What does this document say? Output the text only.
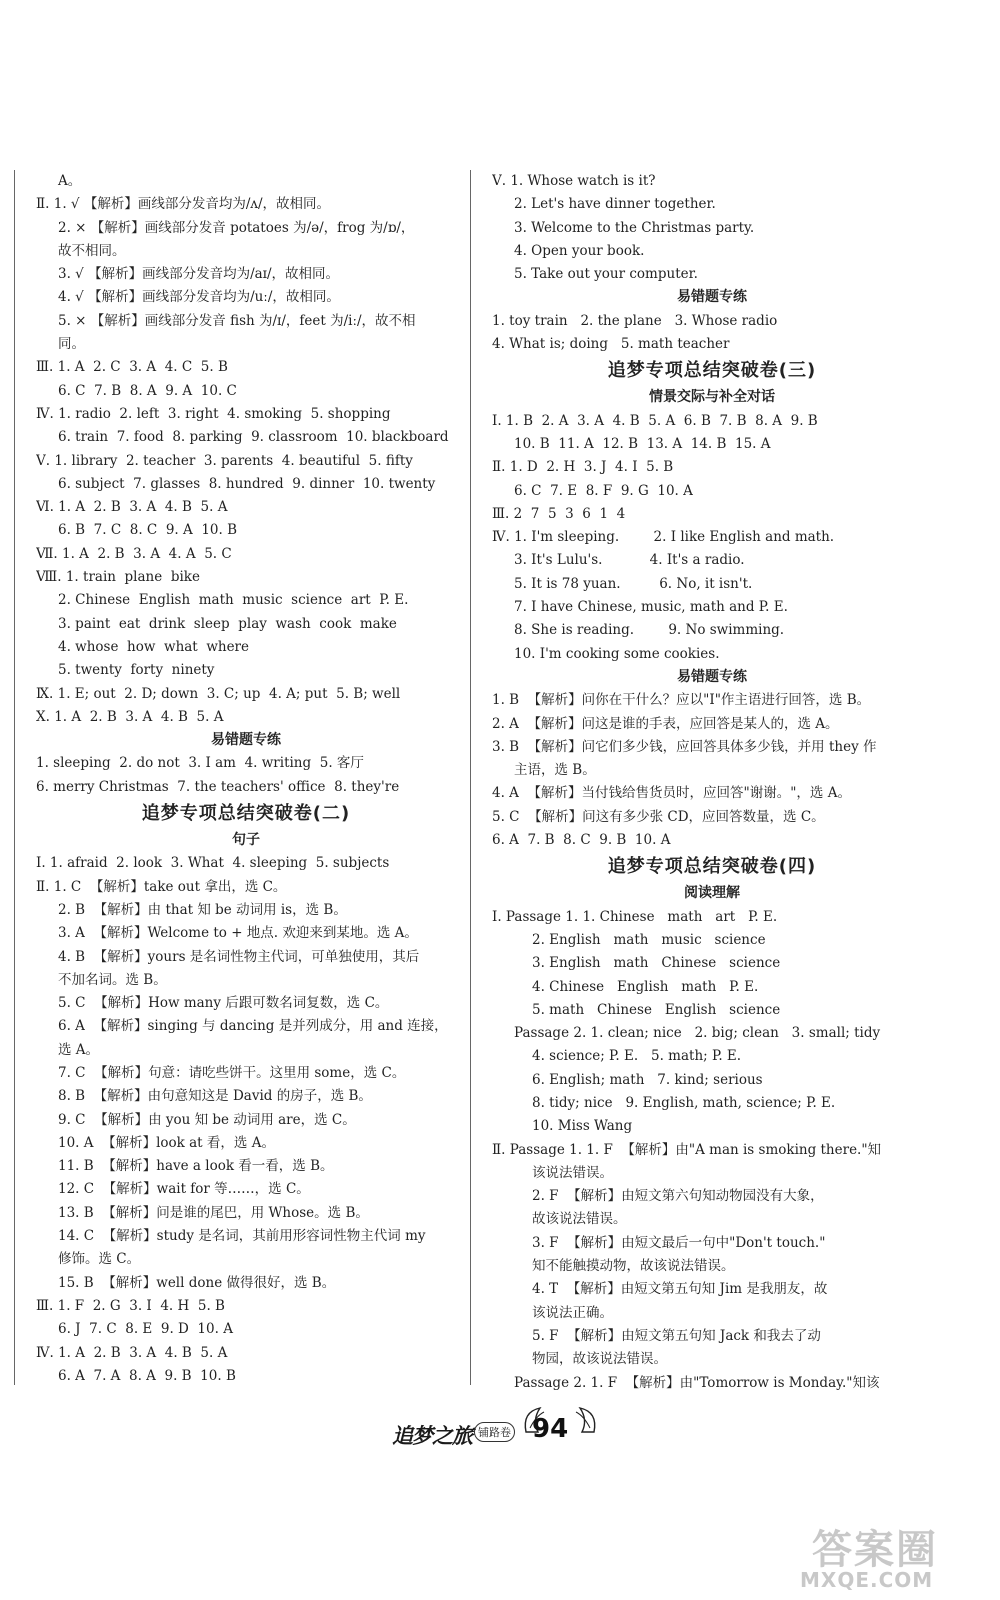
A。
Ⅱ. 1. √ 【解析】画线部分发音均为/ʌ/，故相同。
2. × 【解析】画线部分发音 potatoes 为/ə/，frog 为/ɒ/，
故不相同。
3. √ 【解析】画线部分发音均为/aɪ/，故相同。
4. √ 【解析】画线部分发音均为/uː/，故相同。
5. × 【解析】画线部分发音 fish 为/ɪ/，feet 为/iː/，故不相
同。
Ⅲ. 1. A  2. C  3. A  4. C  5. B
6. C  7. B  8. A  9. A  10. C
Ⅳ. 1. radio  2. left  3. right  4. smoking  5. shopping
6. train  7. food  8. parking  9. classroom  10. blackboard
Ⅴ. 1. library  2. teacher  3. parents  4. beautiful  5. fifty
6. subject  7. glasses  8. hundred  9. dinner  10. twenty
Ⅵ. 1. A  2. B  3. A  4. B  5. A
6. B  7. C  8. C  9. A  10. B
Ⅶ. 1. A  2. B  3. A  4. A  5. C
Ⅷ. 1. train  plane  bike
2. Chinese  English  math  music  science  art  P. E.
3. paint  eat  drink  sleep  play  wash  cook  make
4. whose  how  what  where
5. twenty  forty  ninety
Ⅸ. 1. E; out  2. D; down  3. C; up  4. A; put  5. B; well
Ⅹ. 1. A  2. B  3. A  4. B  5. A
易错题专练
1. sleeping  2. do not  3. I am  4. writing  5. 客厅
6. merry Christmas  7. the teachers' office  8. they're
追梦专项总结突破卷(二)
句子
Ⅰ. 1. afraid  2. look  3. What  4. sleeping  5. subjects
Ⅱ. 1. C  【解析】take out 拿出，选 C。
2. B  【解析】由 that 知 be 动词用 is，选 B。
3. A  【解析】Welcome to + 地点. 欢迎来到某地。选 A。
4. B  【解析】yours 是名词性物主代词，可单独使用，其后
不加名词。选 B。
5. C  【解析】How many 后跟可数名词复数，选 C。
6. A  【解析】singing 与 dancing 是并列成分，用 and 连接，
选 A。
7. C  【解析】句意：请吃些饼干。这里用 some，选 C。
8. B  【解析】由句意知这是 David 的房子，选 B。
9. C  【解析】由 you 知 be 动词用 are，选 C。
10. A  【解析】look at 看，选 A。
11. B  【解析】have a look 看一看，选 B。
12. C  【解析】wait for 等……，选 C。
13. B  【解析】问是谁的尾巴，用 Whose。选 B。
14. C  【解析】study 是名词，其前用形容词性物主代词 my
修饰。选 C。
15. B  【解析】well done 做得很好，选 B。
Ⅲ. 1. F  2. G  3. I  4. H  5. B
6. J  7. C  8. E  9. D  10. A
Ⅳ. 1. A  2. B  3. A  4. B  5. A
6. A  7. A  8. A  9. B  10. B
Ⅴ. 1. Whose watch is it?
2. Let's have dinner together.
3. Welcome to the Christmas party.
4. Open your book.
5. Take out your computer.
易错题专练
1. toy train   2. the plane   3. Whose radio
4. What is; doing   5. math teacher
追梦专项总结突破卷(三)
情景交际与补全对话
Ⅰ. 1. B  2. A  3. A  4. B  5. A  6. B  7. B  8. A  9. B
10. B  11. A  12. B  13. A  14. B  15. A
Ⅱ. 1. D  2. H  3. J  4. I  5. B
6. C  7. E  8. F  9. G  10. A
Ⅲ. 2  7  5  3  6  1  4
Ⅳ. 1. I'm sleeping.        2. I like English and math.
3. It's Lulu's.           4. It's a radio.
5. It is 78 yuan.         6. No, it isn't.
7. I have Chinese, music, math and P. E.
8. She is reading.        9. No swimming.
10. I'm cooking some cookies.
易错题专练
1. B  【解析】问你在干什么？应以"I"作主语进行回答，选 B。
2. A  【解析】问这是谁的手表，应回答是某人的，选 A。
3. B  【解析】问它们多少钱，应回答具体多少钱，并用 they 作
主语，选 B。
4. A  【解析】当付钱给售货员时，应回答"谢谢。"，选 A。
5. C  【解析】问这有多少张 CD，应回答数量，选 C。
6. A  7. B  8. C  9. B  10. A
追梦专项总结突破卷(四)
阅读理解
Ⅰ. Passage 1. 1. Chinese   math   art   P. E.
2. English   math   music   science
3. English   math   Chinese   science
4. Chinese   English   math   P. E.
5. math   Chinese   English   science
Passage 2. 1. clean; nice   2. big; clean   3. small; tidy
4. science; P. E.   5. math; P. E.
6. English; math   7. kind; serious
8. tidy; nice   9. English, math, science; P. E.
10. Miss Wang
Ⅱ. Passage 1. 1. F  【解析】由"A man is smoking there."知
该说法错误。
2. F  【解析】由短文第六句知动物园没有大象，
故该说法错误。
3. F  【解析】由短文最后一句中"Don't touch."
知不能触摸动物，故该说法错误。
4. T  【解析】由短文第五句知 Jim 是我朋友，故
该说法正确。
5. F  【解析】由短文第五句知 Jack 和我去了动
物园，故该说法错误。
Passage 2. 1. F  【解析】由"Tomorrow is Monday."知该
追梦之旅 铺路卷 94
答案圈
MXQE.COM
